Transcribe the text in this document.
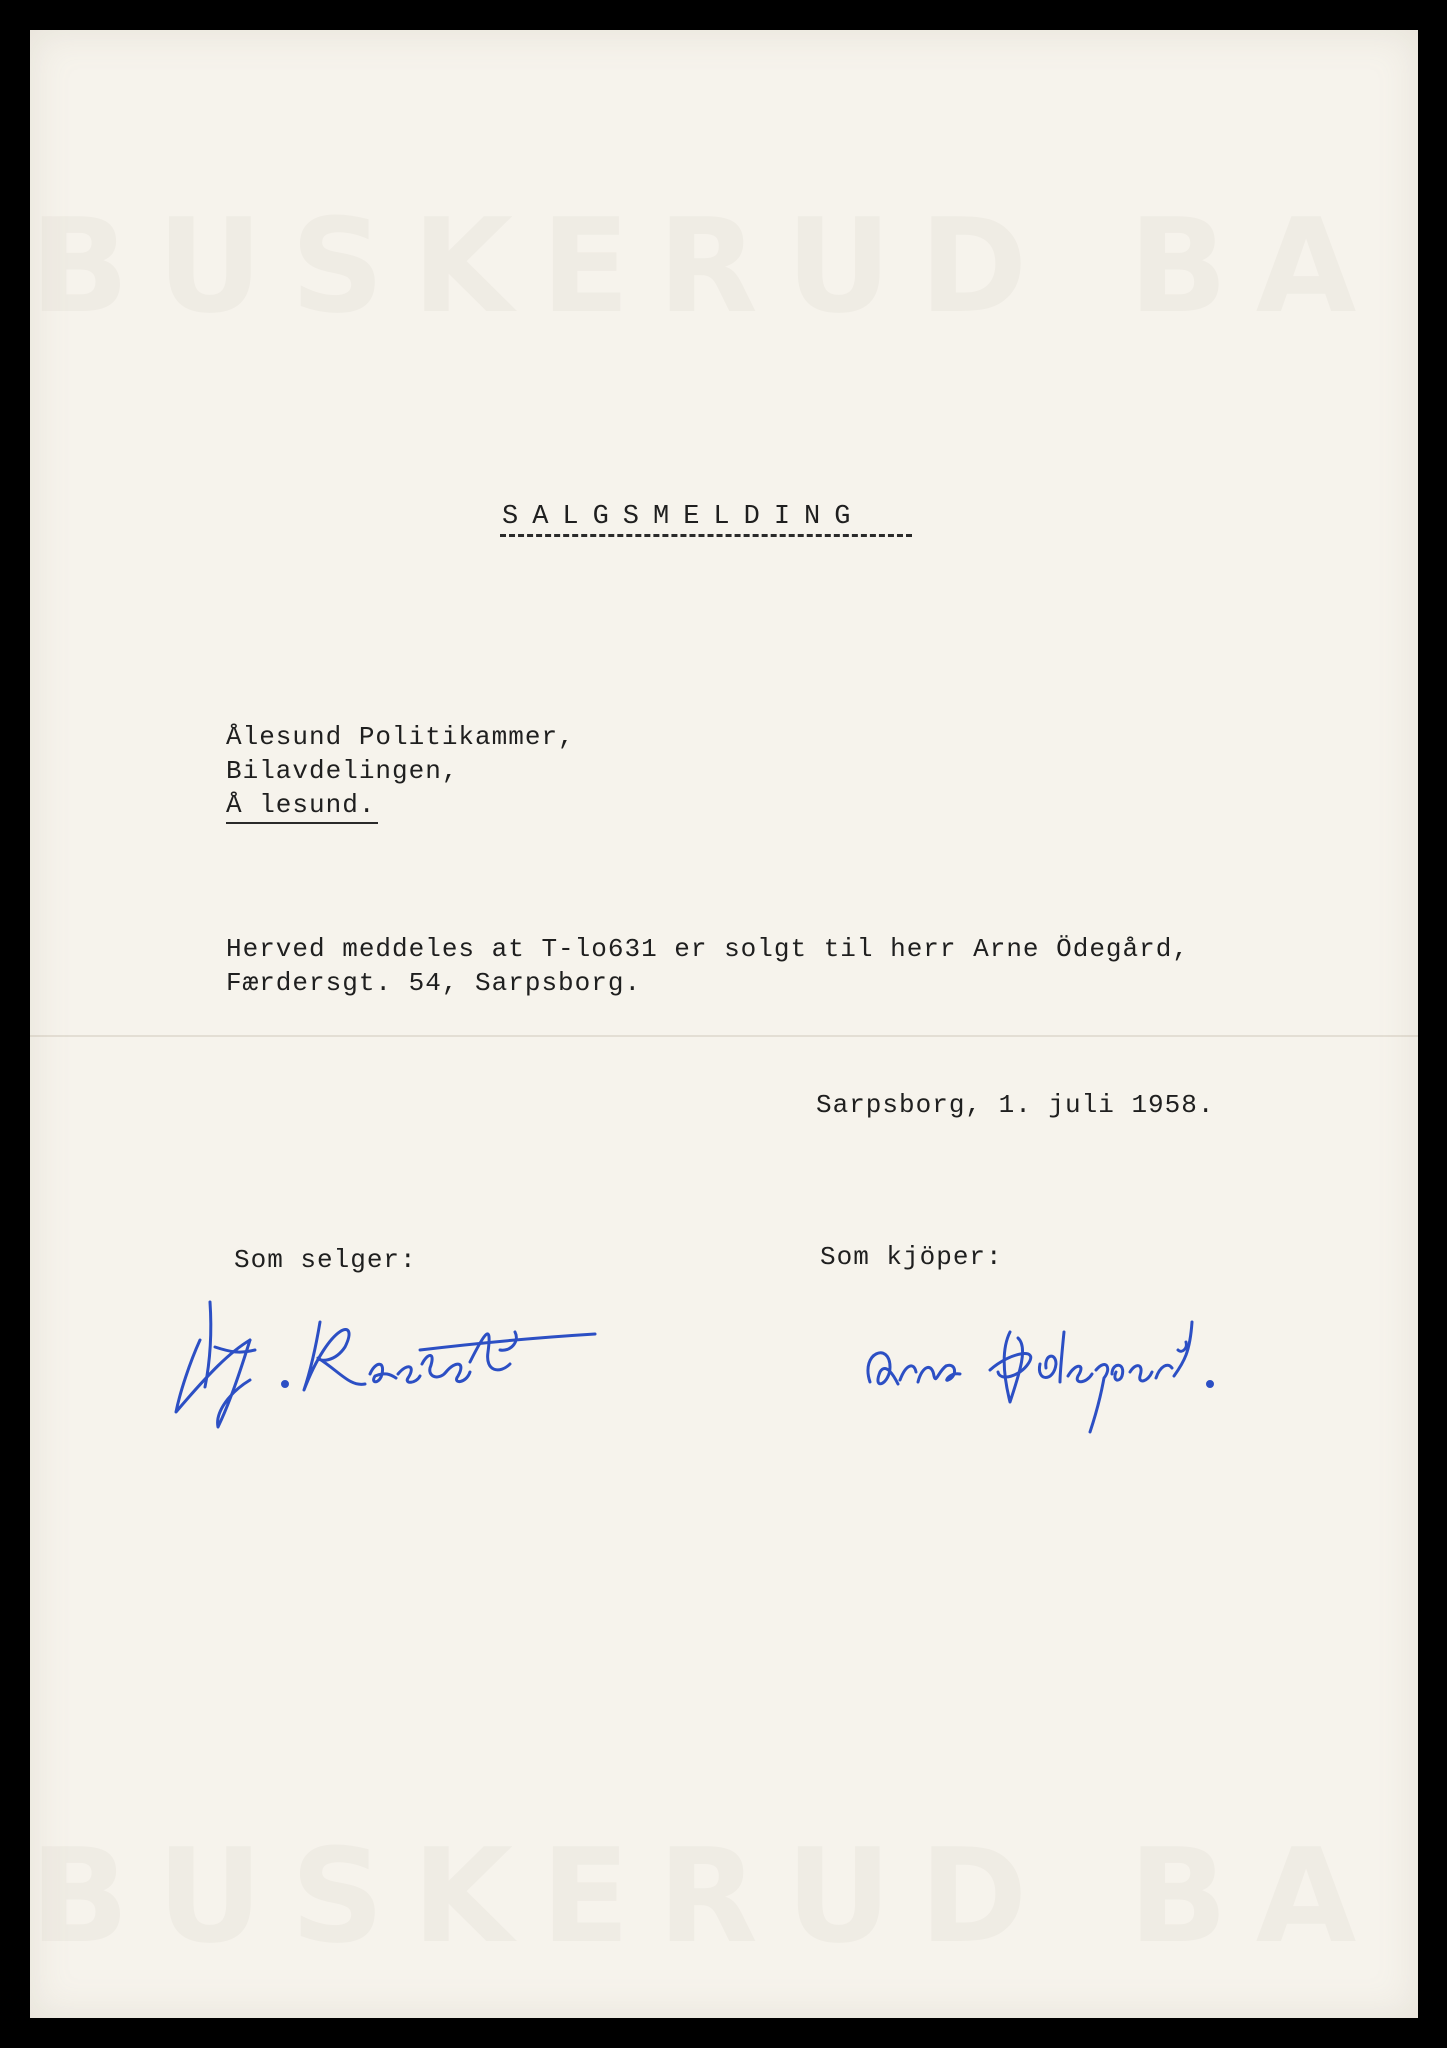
BUSKERUD BA
BUSKERUD BA
SALGSMELDING
Ålesund Politikammer,
Bilavdelingen,
Å lesund.
Herved meddeles at T-lo631 er solgt til herr Arne Ödegård,
Færdersgt. 54, Sarpsborg.
Sarpsborg, 1. juli 1958.
Som selger:	Som kjöper:
